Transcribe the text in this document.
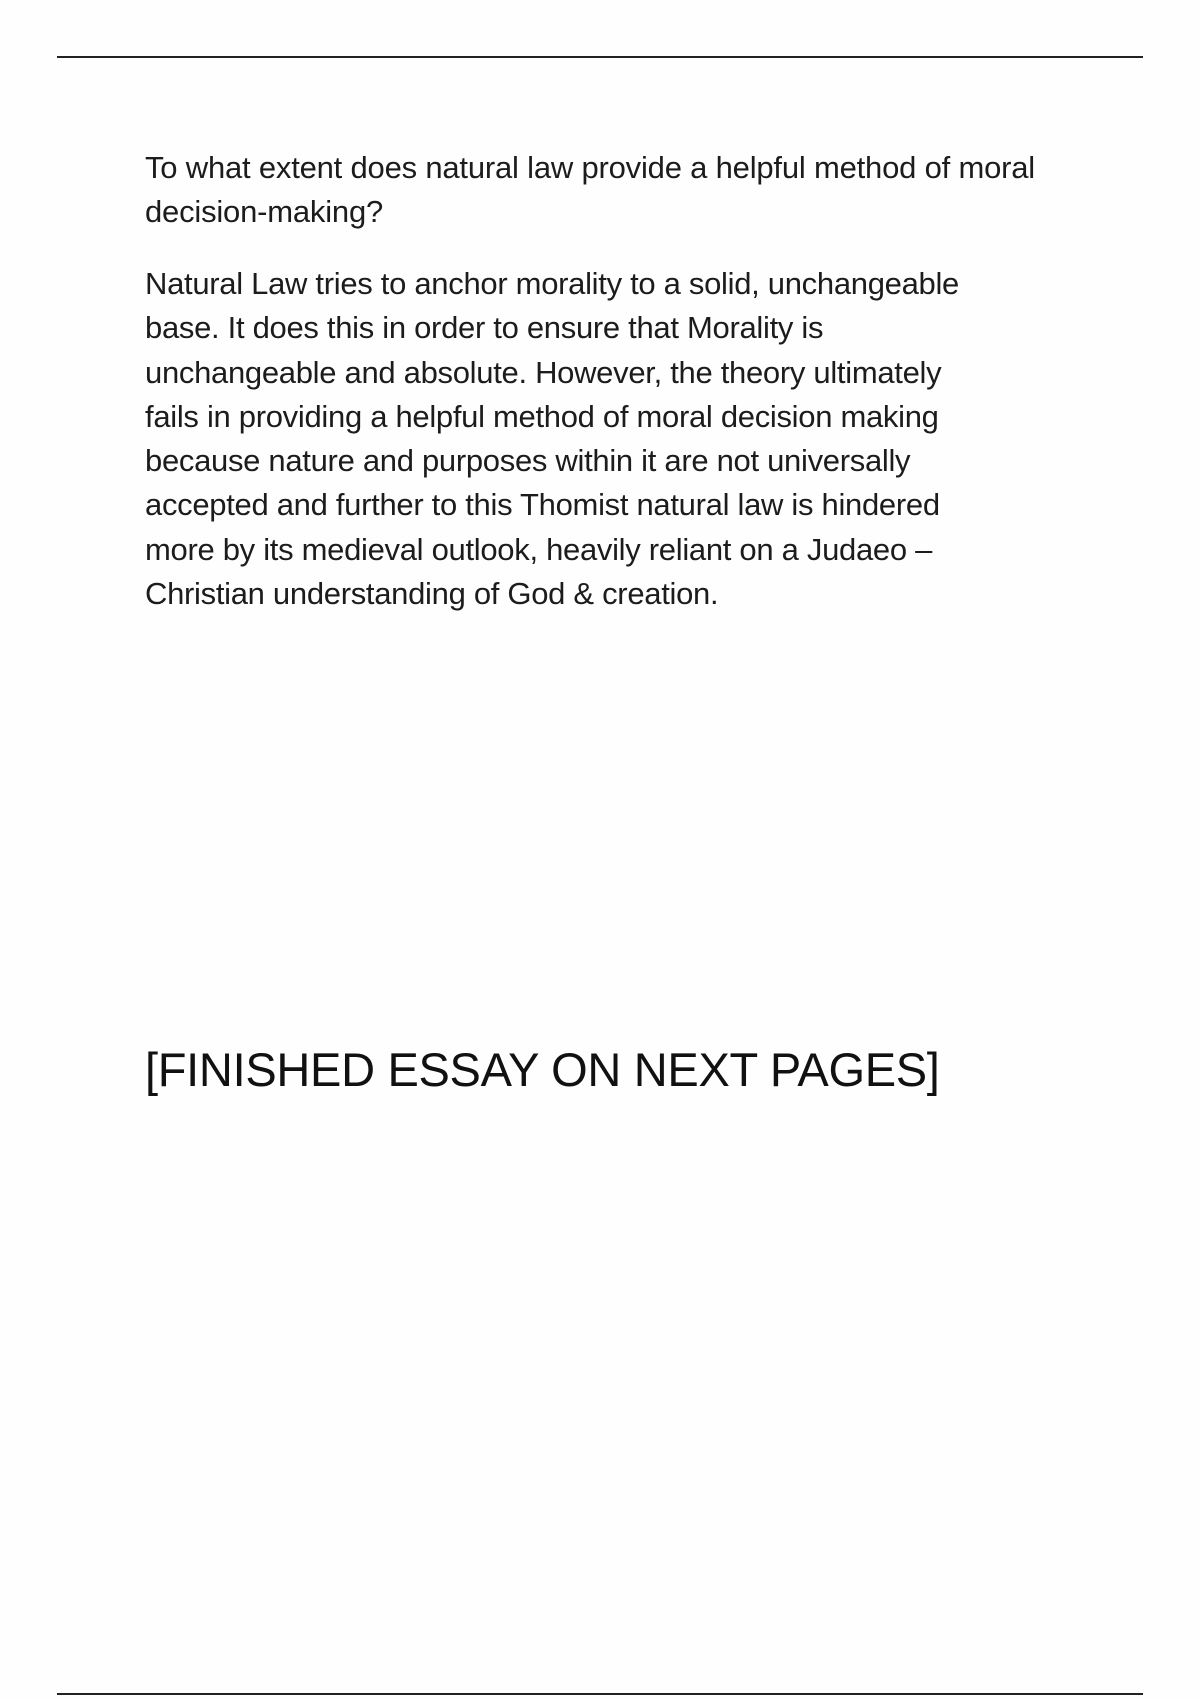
To what extent does natural law provide a helpful method of moral decision-making?

Natural Law tries to anchor morality to a solid, unchangeable
base. It does this in order to ensure that Morality is
unchangeable and absolute. However, the theory ultimately
fails in providing a helpful method of moral decision making
because nature and purposes within it are not universally
accepted and further to this Thomist natural law is hindered
more by its medieval outlook, heavily reliant on a Judaeo –
Christian understanding of God & creation.

[FINISHED ESSAY ON NEXT PAGES]
